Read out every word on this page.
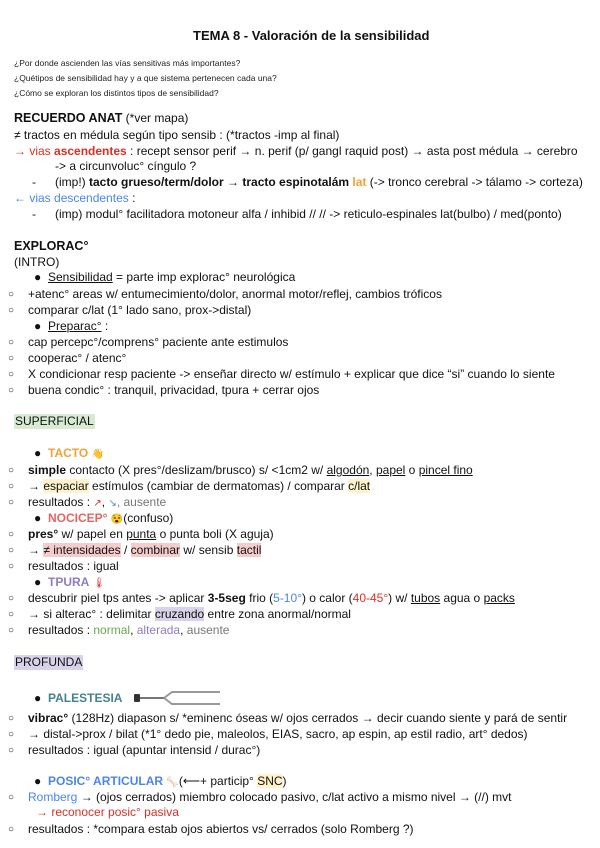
TEMA 8 - Valoración de la sensibilidad
¿Por donde ascienden las vías sensitivas más importantes?
¿Quétipos de sensibilidad hay y a que sistema pertenecen cada una?
¿Cómo se exploran los distintos tipos de sensibilidad?
RECUERDO ANAT (*ver mapa)
≠ tractos en médula según tipo sensib : (*tractos -imp al final)
→ vias ascendentes : recept sensor perif → n. perif (p/ gangl raquid post) → asta post médula → cerebro
-> a circunvoluc° cíngulo ?
- (imp!) tacto grueso/term/dolor → tracto espinotalám lat (-> tronco cerebral -> tálamo -> corteza)
← vias descendentes :
- (imp) modul° facilitadora motoneur alfa / inhibid // // -> reticulo-espinales lat(bulbo) / med(ponto)
EXPLORAC°
(INTRO)
● Sensibilidad = parte imp explorac° neurológica
○ +atenc° areas w/ entumecimiento/dolor, anormal motor/reflej, cambios tróficos
○ comparar c/lat (1° lado sano, prox->distal)
● Preparac° :
○ cap percepc°/comprens° paciente ante estimulos
○ cooperac° / atenc°
○ X condicionar resp paciente -> enseñar directo w/ estímulo + explicar que dice “si” cuando lo siente
○ buena condic° : tranquil, privacidad, tpura + cerrar ojos
SUPERFICIAL
● TACTO 👋
○ simple contacto (X pres°/deslizam/brusco) s/ <1cm2 w/ algodón, papel o pincel fino
○ → espaciar estímulos (cambiar de dermatomas) / comparar c/lat
○ resultados : ↗, ↘, ausente
● NOCICEP° 😵(confuso)
○ pres° w/ papel en punta o punta boli (X aguja)
○ → ≠ intensidades / combinar w/ sensib tactil
○ resultados : igual
● TPURA 🌡
○ descubrir piel tps antes -> aplicar 3-5seg frio (5-10°) o calor (40-45°) w/ tubos agua o packs
○ → si alterac° : delimitar cruzando entre zona anormal/normal
○ resultados : normal, alterada, ausente
PROFUNDA
● PALESTESIA
○ vibrac° (128Hz) diapason s/ *eminenc óseas w/ ojos cerrados → decir cuando siente y pará de sentir
○ → distal->prox / bilat (*1° dedo pie, maleolos, EIAS, sacro, ap espin, ap estil radio, art° dedos)
○ resultados : igual (apuntar intensid / durac°)
● POSIC° ARTICULAR 🦴(⟵+ particip° SNC)
○ Romberg → (ojos cerrados) miembro colocado pasivo, c/lat activo a mismo nivel → (//) mvt
→ reconocer posic° pasiva
○ resultados : *compara estab ojos abiertos vs/ cerrados (solo Romberg ?)
